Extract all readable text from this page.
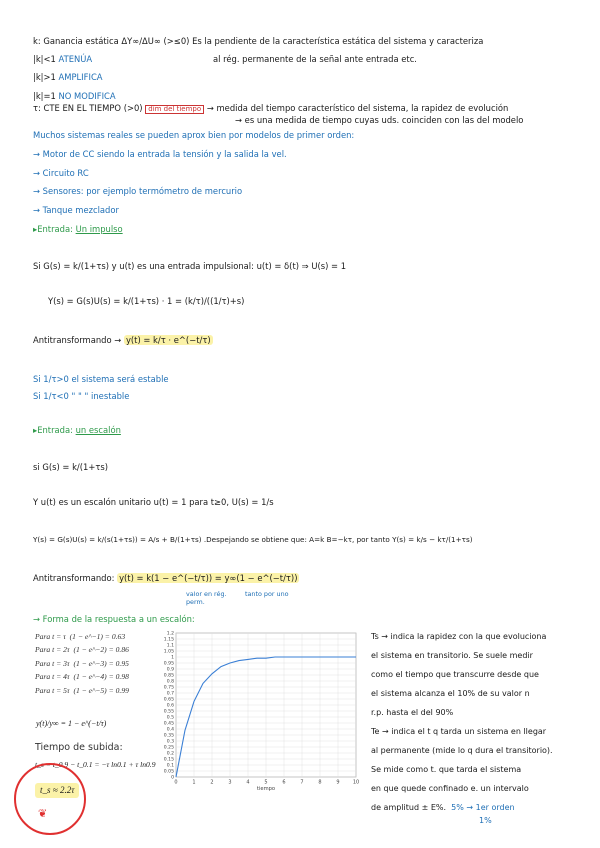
k: Ganancia estática ΔY∞/ΔU∞ (>≤0) Es la pendiente de la característica estática del sistema y caracteriza
|k|<1 ATENÚA	al rég. permanente de la señal ante entrada etc.
|k|>1 AMPLIFICA
|k|=1 NO MODIFICA
τ: CTE EN EL TIEMPO (>0) dim del tiempo → medida del tiempo característico del sistema, la rapidez de evolución
→ es una medida de tiempo cuyas uds. coinciden con las del modelo
Muchos sistemas reales se pueden aprox bien por modelos de primer orden:
→ Motor de CC siendo la entrada la tensión y la salida la vel.
→ Circuito RC
→ Sensores: por ejemplo termómetro de mercurio
→ Tanque mezclador
▸Entrada: Un impulso
Si G(s) = k/(1+τs) y u(t) es una entrada impulsional: u(t) = δ(t) ⇒ U(s) = 1
Y(s) = G(s)U(s) = k/(1+τs) · 1 = (k/τ)/((1/τ)+s)
Antitransformando → y(t) = k/τ · e^(−t/τ)
Si 1/τ>0 el sistema será estable
Si 1/τ<0 " " " inestable
▸Entrada: un escalón
si G(s) = k/(1+τs)
Y u(t) es un escalón unitario u(t) = 1 para t≥0, U(s) = 1/s
Y(s) = G(s)U(s) = k/(s(1+τs)) = A/s + B/(1+τs) .Despejando se obtiene que: A=k B=−kτ, por tanto Y(s) = k/s − kτ/(1+τs)
Antitransformando: y(t) = k(1 − e^(−t/τ)) = y∞(1 − e^(−t/τ))
valor en rég. perm.
tanto por uno
→ Forma de la respuesta a un escalón:
Para t = τ (1 − e^−1) = 0.63
Para t = 2τ (1 − e^−2) = 0.86
Para t = 3τ (1 − e^−3) = 0.95
Para t = 4τ (1 − e^−4) = 0.98
Para t = 5τ (1 − e^−5) = 0.99
y(t)/y∞ = 1 − e^(−t/τ)
Tiempo de subida:
t_s = t_0.9 − t_0.1 = −τ ln0.1 + τ ln0.9
t_s ≈ 2.2τ
❦
0
0.05
0.1
0.15
0.2
0.25
0.3
0.35
0.4
0.45
0.5
0.55
0.6
0.65
0.7
0.75
0.8
0.85
0.9
0.95
1
1.05
1.1
1.15
1.2
0	1	2	3	4	5	6	7	8	9	10
tiempo
Ts → indica la rapidez con la que evoluciona
el sistema en transitorio. Se suele medir
como el tiempo que transcurre desde que
el sistema alcanza el 10% de su valor n
r.p. hasta el del 90%
Te → indica el t q tarda un sistema en llegar
al permanente (mide lo q dura el transitorio).
Se mide como t. que tarda el sistema
en que quede confinado e. un intervalo
de amplitud ± E%. 5% → 1er orden
1%
